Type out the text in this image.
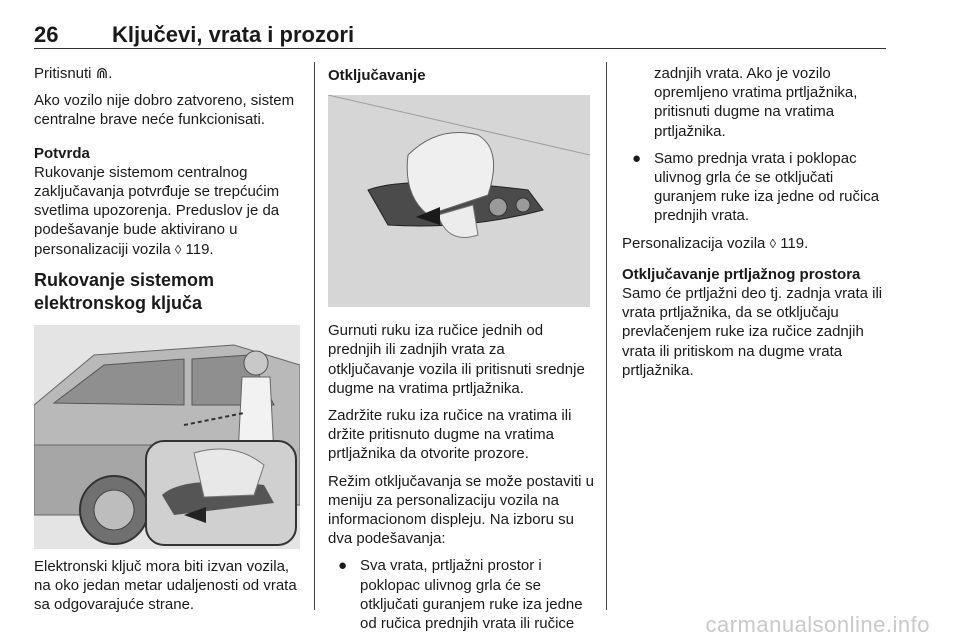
26 Ključevi, vrata i prozori

Pritisnuti ⋒.

Ako vozilo nije dobro zatvoreno, sistem centralne brave neće funkcionisati.

Potvrda

Rukovanje sistemom centralnog zaključavanja potvrđuje se trepćućim svetlima upozorenja. Preduslov je da podešavanje bude aktivirano u personalizaciji vozila ◊ 119.

Rukovanje sistemom elektronskog ključa

Elektronski ključ mora biti izvan vozila, na oko jedan metar udaljenosti od vrata sa odgovarajuće strane.

Otključavanje

Gurnuti ruku iza ručice jednih od prednjih ili zadnjih vrata za otključavanje vozila ili pritisnuti srednje dugme na vratima prtljažnika.

Zadržite ruku iza ručice na vratima ili držite pritisnuto dugme na vratima prtljažnika da otvorite prozore.

Režim otključavanja se može postaviti u meniju za personalizaciju vozila na informacionom displeju. Na izboru su dva podešavanja:

● Sva vrata, prtljažni prostor i poklopac ulivnog grla će se otključati guranjem ruke iza jedne od ručica prednjih vrata ili ručice

zadnjih vrata. Ako je vozilo opremljeno vratima prtljažnika, pritisnuti dugme na vratima prtljažnika.

● Samo prednja vrata i poklopac ulivnog grla će se otključati guranjem ruke iza jedne od ručica prednjih vrata.

Personalizacija vozila ◊ 119.

Otključavanje prtljažnog prostora

Samo će prtljažni deo tj. zadnja vrata ili vrata prtljažnika, da se otključaju prevlačenjem ruke iza ručice zadnjih vrata ili pritiskom na dugme vrata prtljažnika.

carmanualsonline.info
